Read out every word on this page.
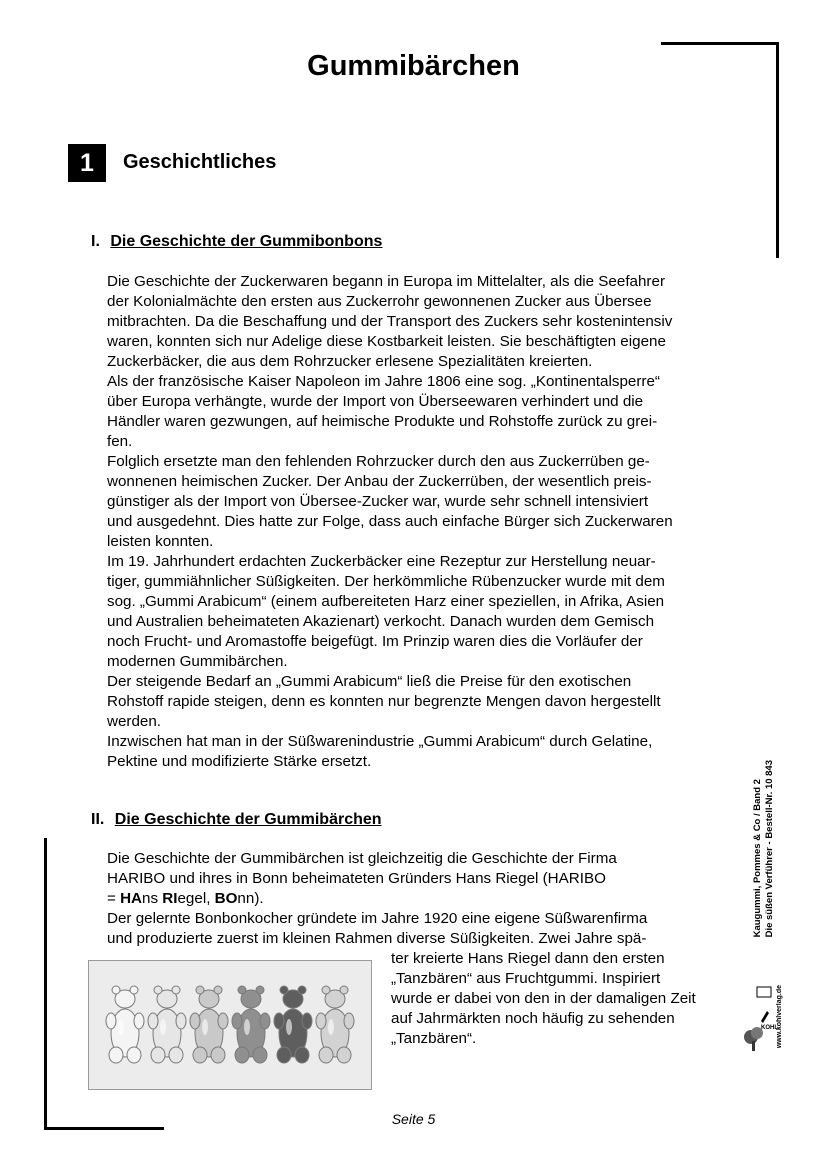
Gummibärchen
1	Geschichtliches
I. Die Geschichte der Gummibonbons

Die Geschichte der Zuckerwaren begann in Europa im Mittelalter, als die Seefahrer
der Kolonialmächte den ersten aus Zuckerrohr gewonnenen Zucker aus Übersee
mitbrachten. Da die Beschaffung und der Transport des Zuckers sehr kostenintensiv
waren, konnten sich nur Adelige diese Kostbarkeit leisten. Sie beschäftigten eigene
Zuckerbäcker, die aus dem Rohrzucker erlesene Spezialitäten kreierten.
Als der französische Kaiser Napoleon im Jahre 1806 eine sog. „Kontinentalsperre“
über Europa verhängte, wurde der Import von Überseewaren verhindert und die
Händler waren gezwungen, auf heimische Produkte und Rohstoffe zurück zu grei-
fen.
Folglich ersetzte man den fehlenden Rohrzucker durch den aus Zuckerrüben ge-
wonnenen heimischen Zucker. Der Anbau der Zuckerrüben, der wesentlich preis-
günstiger als der Import von Übersee-Zucker war, wurde sehr schnell intensiviert
und ausgedehnt. Dies hatte zur Folge, dass auch einfache Bürger sich Zuckerwaren
leisten konnten.
Im 19. Jahrhundert erdachten Zuckerbäcker eine Rezeptur zur Herstellung neuar-
tiger, gummiähnlicher Süßigkeiten. Der herkömmliche Rübenzucker wurde mit dem
sog. „Gummi Arabicum“ (einem aufbereiteten Harz einer speziellen, in Afrika, Asien
und Australien beheimateten Akazienart) verkocht. Danach wurden dem Gemisch
noch Frucht- und Aromastoffe beigefügt. Im Prinzip waren dies die Vorläufer der
modernen Gummibärchen.
Der steigende Bedarf an „Gummi Arabicum“ ließ die Preise für den exotischen
Rohstoff rapide steigen, denn es konnten nur begrenzte Mengen davon hergestellt
werden.
Inzwischen hat man in der Süßwarenindustrie „Gummi Arabicum“ durch Gelatine,
Pektine und modifizierte Stärke ersetzt.

II. Die Geschichte der Gummibärchen
Die Geschichte der Gummibärchen ist gleichzeitig die Geschichte der Firma
HARIBO und ihres in Bonn beheimateten Gründers Hans Riegel (HARIBO
= HAns RIegel, BOnn).
Der gelernte Bonbonkocher gründete im Jahre 1920 eine eigene Süßwarenfirma
und produzierte zuerst im kleinen Rahmen diverse Süßigkeiten. Zwei Jahre spä-

ter kreierte Hans Riegel dann den ersten
„Tanzbären“ aus Fruchtgummi. Inspiriert
wurde er dabei von den in der damaligen Zeit
auf Jahrmärkten noch häufig zu sehenden
„Tanzbären“.

Seite 5

Kaugummi, Pommes & Co / Band 2 Die süßen Verführer - Bestell-Nr. 10 843
KOHL
www.kohlverlag.de
